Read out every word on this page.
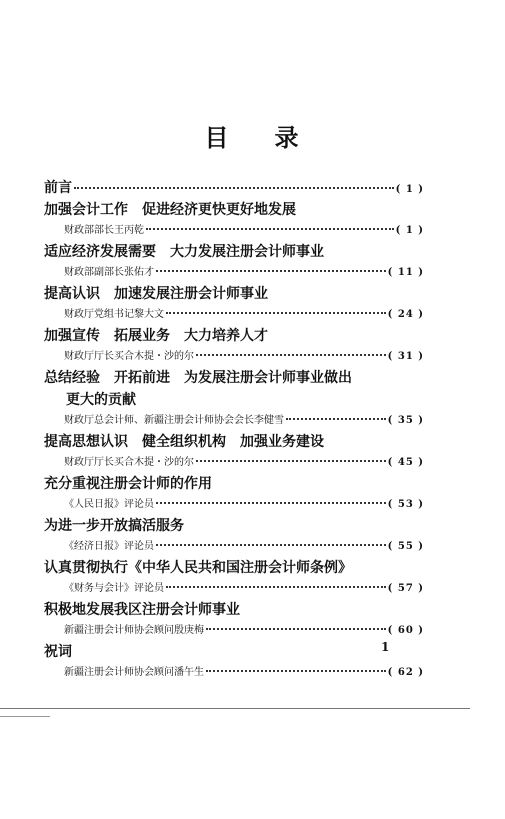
目 录
前言	( 1 )
加强会计工作　促进经济更快更好地发展
财政部部长王丙乾	( 1 )
适应经济发展需要　大力发展注册会计师事业
财政部副部长张佑才	( 11 )
提高认识　加速发展注册会计师事业
财政厅党组书记黎大文	( 24 )
加强宣传　拓展业务　大力培养人才
财政厅厅长买合木提・沙的尔	( 31 )
总结经验　开拓前进　为发展注册会计师事业做出
更大的贡献
财政厅总会计师、新疆注册会计师协会会长李健雪	( 35 )
提高思想认识　健全组织机构　加强业务建设
财政厅厅长买合木提・沙的尔	( 45 )
充分重视注册会计师的作用
《人民日报》评论员	( 53 )
为进一步开放搞活服务
《经济日报》评论员	( 55 )
认真贯彻执行《中华人民共和国注册会计师条例》
《财务与会计》评论员	( 57 )
积极地发展我区注册会计师事业
新疆注册会计师协会顾问殷庚梅	( 60 )
祝词
新疆注册会计师协会顾问潘午生	( 62 )
1
